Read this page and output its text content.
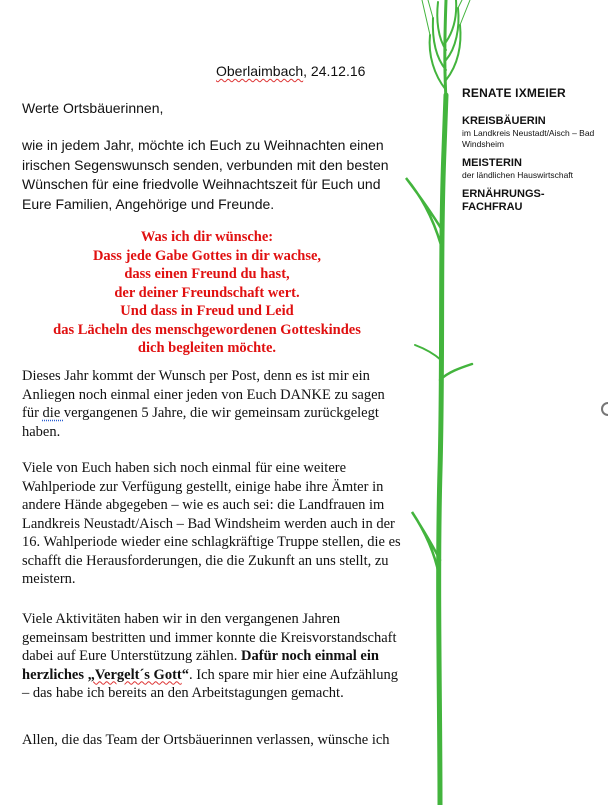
Oberlaimbach, 24.12.16
Werte Ortsbäuerinnen,
wie in jedem Jahr, möchte ich Euch zu Weihnachten einen irischen Segenswunsch senden, verbunden mit den besten Wünschen für eine friedvolle Weihnachtszeit für Euch und Eure Familien, Angehörige und Freunde.
Was ich dir wünsche:
Dass jede Gabe Gottes in dir wachse,
dass einen Freund du hast,
der deiner Freundschaft wert.
Und dass in Freud und Leid
das Lächeln des menschgewordenen Gotteskindes
dich begleiten möchte.
Dieses Jahr kommt der Wunsch per Post, denn es ist mir ein Anliegen noch einmal einer jeden von Euch DANKE zu sagen für die vergangenen 5 Jahre, die wir gemeinsam zurückgelegt haben.
Viele von Euch haben sich noch einmal für eine weitere Wahlperiode zur Verfügung gestellt, einige habe ihre Ämter in andere Hände abgegeben – wie es auch sei: die Landfrauen im Landkreis Neustadt/Aisch – Bad Windsheim werden auch in der 16. Wahlperiode wieder eine schlagkräftige Truppe stellen, die es schafft die Herausforderungen, die die Zukunft an uns stellt, zu meistern.
Viele Aktivitäten haben wir in den vergangenen Jahren gemeinsam bestritten und immer konnte die Kreisvorstandschaft dabei auf Eure Unterstützung zählen. Dafür noch einmal ein herzliches „Vergelt´s Gott“. Ich spare mir hier eine Aufzählung – das habe ich bereits an den Arbeitstagungen gemacht.
Allen, die das Team der Ortsbäuerinnen verlassen, wünsche ich
RENATE IXMEIER
KREISBÄUERIN
im Landkreis Neustadt/Aisch – Bad Windsheim
MEISTERIN
der ländlichen Hauswirtschaft
ERNÄHRUNGS-FACHFRAU
